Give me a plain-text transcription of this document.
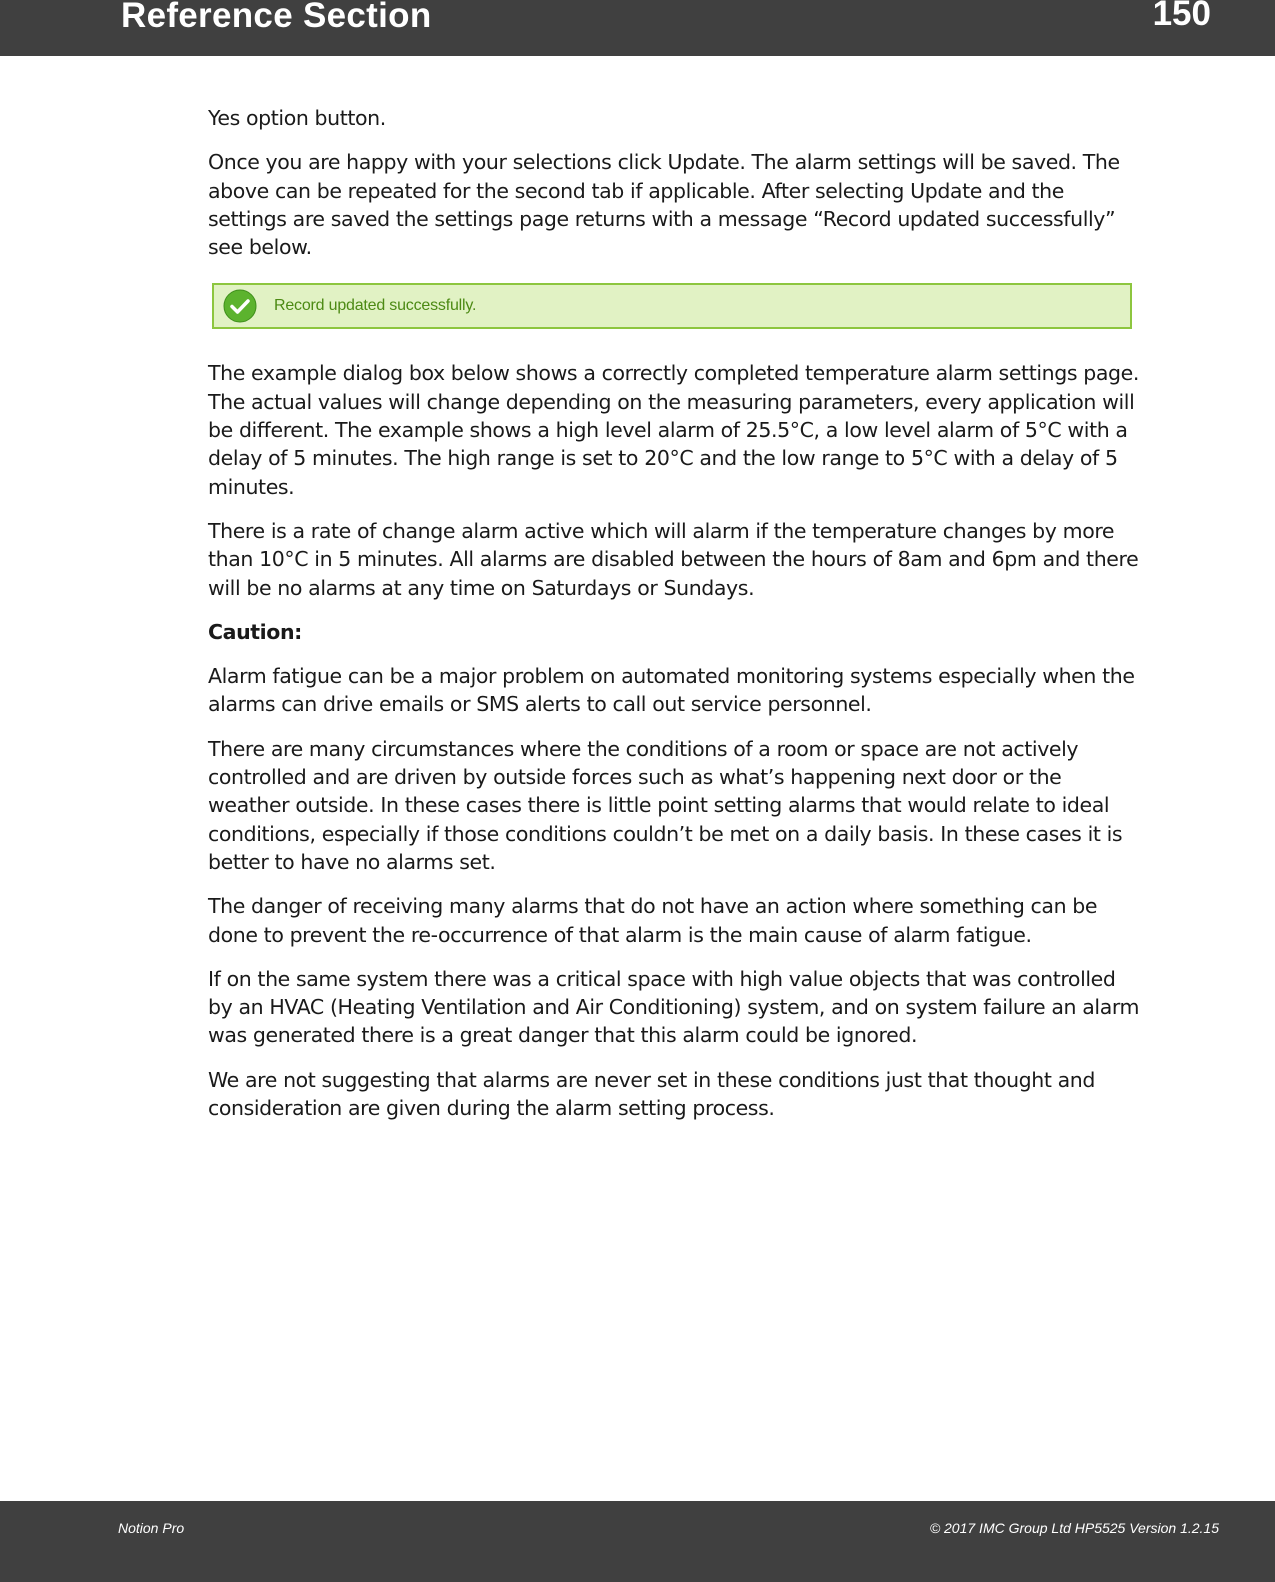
Reference Section	150

Yes option button.

Once you are happy with your selections click Update. The alarm settings will be saved. The above can be repeated for the second tab if applicable. After selecting Update and the settings are saved the settings page returns with a message “Record updated successfully” see below.

Record updated successfully.

The example dialog box below shows a correctly completed temperature alarm settings page. The actual values will change depending on the measuring parameters, every application will be different. The example shows a high level alarm of 25.5°C, a low level alarm of 5°C with a delay of 5 minutes. The high range is set to 20°C and the low range to 5°C with a delay of 5 minutes.

There is a rate of change alarm active which will alarm if the temperature changes by more than 10°C in 5 minutes. All alarms are disabled between the hours of 8am and 6pm and there will be no alarms at any time on Saturdays or Sundays.

Caution:

Alarm fatigue can be a major problem on automated monitoring systems especially when the alarms can drive emails or SMS alerts to call out service personnel.

There are many circumstances where the conditions of a room or space are not actively controlled and are driven by outside forces such as what’s happening next door or the weather outside. In these cases there is little point setting alarms that would relate to ideal conditions, especially if those conditions couldn’t be met on a daily basis. In these cases it is better to have no alarms set.

The danger of receiving many alarms that do not have an action where something can be done to prevent the re-occurrence of that alarm is the main cause of alarm fatigue.

If on the same system there was a critical space with high value objects that was controlled by an HVAC (Heating Ventilation and Air Conditioning) system, and on system failure an alarm was generated there is a great danger that this alarm could be ignored.

We are not suggesting that alarms are never set in these conditions just that thought and consideration are given during the alarm setting process.

Notion Pro	© 2017 IMC Group Ltd HP5525 Version 1.2.15
